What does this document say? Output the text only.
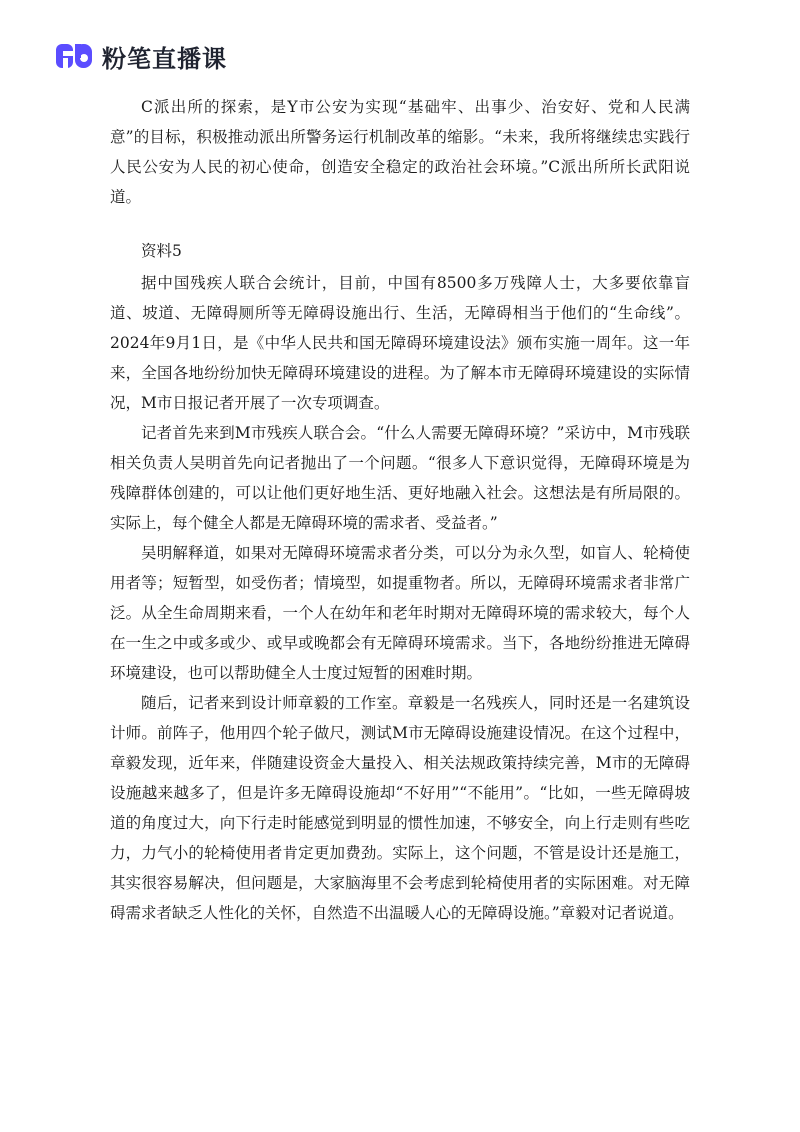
粉笔直播课

C派出所的探索，是Y市公安为实现“基础牢、出事少、治安好、党和人民满意”的目标，积极推动派出所警务运行机制改革的缩影。“未来，我所将继续忠实践行人民公安为人民的初心使命，创造安全稳定的政治社会环境。”C派出所所长武阳说道。

资料5

据中国残疾人联合会统计，目前，中国有8500多万残障人士，大多要依靠盲道、坡道、无障碍厕所等无障碍设施出行、生活，无障碍相当于他们的“生命线”。2024年9月1日，是《中华人民共和国无障碍环境建设法》颁布实施一周年。这一年来，全国各地纷纷加快无障碍环境建设的进程。为了解本市无障碍环境建设的实际情况，M市日报记者开展了一次专项调查。

记者首先来到M市残疾人联合会。“什么人需要无障碍环境？”采访中，M市残联相关负责人吴明首先向记者抛出了一个问题。“很多人下意识觉得，无障碍环境是为残障群体创建的，可以让他们更好地生活、更好地融入社会。这想法是有所局限的。实际上，每个健全人都是无障碍环境的需求者、受益者。”

吴明解释道，如果对无障碍环境需求者分类，可以分为永久型，如盲人、轮椅使用者等；短暂型，如受伤者；情境型，如提重物者。所以，无障碍环境需求者非常广泛。从全生命周期来看，一个人在幼年和老年时期对无障碍环境的需求较大，每个人在一生之中或多或少、或早或晚都会有无障碍环境需求。当下，各地纷纷推进无障碍环境建设，也可以帮助健全人士度过短暂的困难时期。

随后，记者来到设计师章毅的工作室。章毅是一名残疾人，同时还是一名建筑设计师。前阵子，他用四个轮子做尺，测试M市无障碍设施建设情况。在这个过程中，章毅发现，近年来，伴随建设资金大量投入、相关法规政策持续完善，M市的无障碍设施越来越多了，但是许多无障碍设施却“不好用”“不能用”。“比如，一些无障碍坡道的角度过大，向下行走时能感觉到明显的惯性加速，不够安全，向上行走则有些吃力，力气小的轮椅使用者肯定更加费劲。实际上，这个问题，不管是设计还是施工，其实很容易解决，但问题是，大家脑海里不会考虑到轮椅使用者的实际困难。对无障碍需求者缺乏人性化的关怀，自然造不出温暖人心的无障碍设施。”章毅对记者说道。
